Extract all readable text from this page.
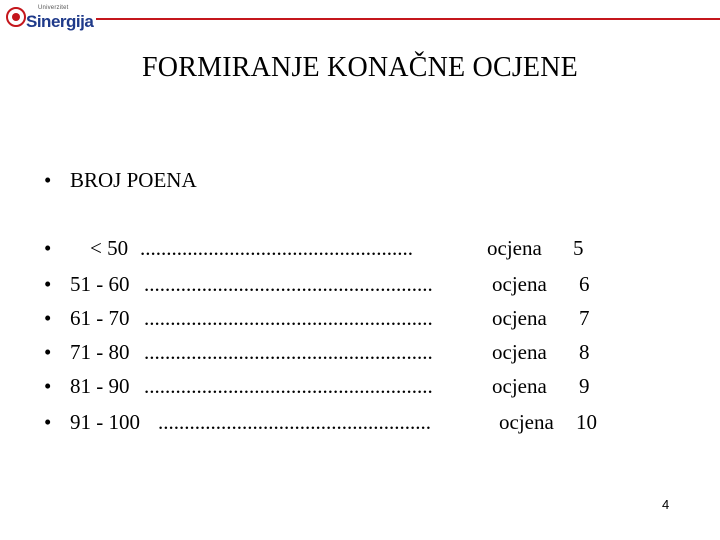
Univerzitet
Sinergija
FORMIRANJE KONAČNE OCJENE
• BROJ POENA
• < 50 ....................................................	ocjena 5
• 51 - 60 .......................................................	ocjena 6
• 61 - 70 .......................................................	ocjena 7
• 71 - 80 .......................................................	ocjena 8
• 81 - 90 .......................................................	ocjena 9
• 91 - 100 ....................................................	ocjena 10
4
